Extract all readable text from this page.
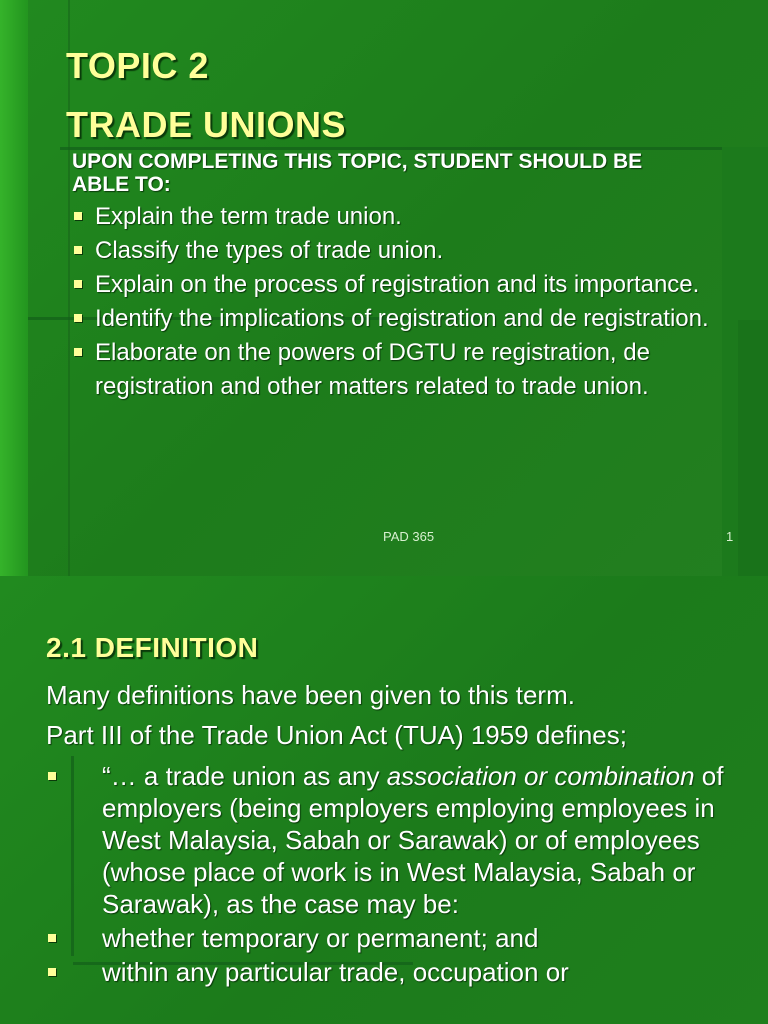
TOPIC 2
TRADE UNIONS

UPON COMPLETING THIS TOPIC, STUDENT SHOULD BE ABLE TO:

Explain the term trade union.
Classify the types of trade union.
Explain on the process of registration and its importance.
Identify the implications of registration and de registration.
Elaborate on the powers of DGTU re registration, de registration and other matters related to trade union.
PAD 365	1
2.1 DEFINITION

Many definitions have been given to this term.

Part III of the Trade Union Act (TUA) 1959 defines;

“… a trade union as any association or combination of employers (being employers employing employees in West Malaysia, Sabah or Sarawak) or of employees (whose place of work is in West Malaysia, Sabah or Sarawak), as the case may be:
whether temporary or permanent; and
within any particular trade, occupation or
